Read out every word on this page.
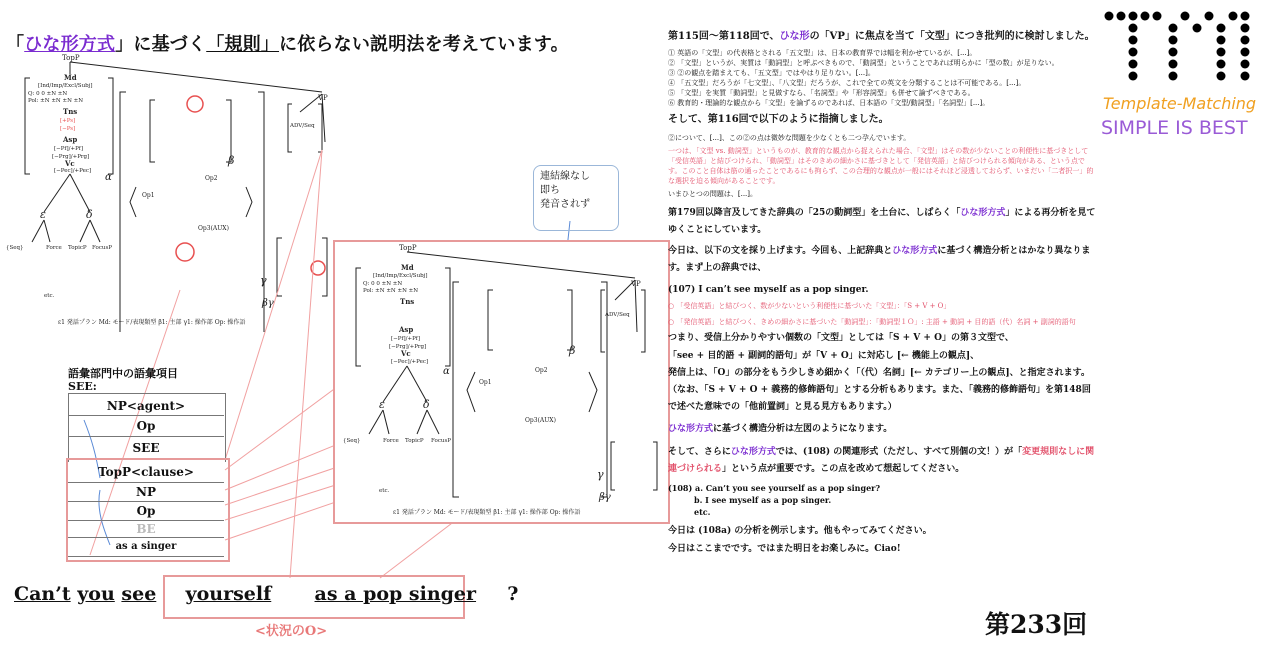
「ひな形方式」に基づく「規則」に依らない説明法を考えています。
TopP
Md
[Ind/Imp/Excl/Subj]
Q: 0 0 ±N ±N
Pol: ±N ±N ±N ±N
Tns
[+Ps]
[−Ps]
Asp
[−Pf]/+Pf]
[−Prg]/+Prg]
Vc
[−Pec]/+Pec]
α
ε	δ
β
γ
βγ
Op1
Op2
Op3(AUX)
{Seq}	Force TopicP FocusP
VP
ADV/Seq
etc.
ε1 発話プラン Md: モード/表現類型 β1: 主部 γ1: 操作部 Op: 操作語
語彙部門中の語彙項目
SEE:
NP<agent>
Op
SEE
TopP<clause>
NP
Op
BE
as a singer
Can’t you see yourself as a pop singer ?
<状況のO>
TopP
Md
[Ind/Imp/Excl/Subj]
Q: 0 0 ±N ±N
Pol: ±N ±N ±N ±N
Tns
Asp
[−Pf]/+Pf]
[−Prg]/+Prg]
Vc
[−Pec]/+Pec]
α
ε	δ
β
γ
βγ
Op1
Op2
Op3(AUX)
{Seq}	Force TopicP FocusP
VP
ADV/Seq
etc.
ε1 発話プラン Md: モード/表現類型 β1: 主部 γ1: 操作部 Op: 操作語
連結線なし
即ち
発音されず
第115回〜第118回で、ひな形の「VP」に焦点を当て「文型」につき批判的に検討しました。
① 英語の「文型」の代表格とされる「五文型」は、日本の教育界では幅を利かせているが、[...]。
② 「文型」というが、実質は「動詞型」と呼ぶべきもので、「動詞型」ということであれば明らかに「型の数」が足りない。
③ ②の観点を踏まえても、「五文型」ではやはり足りない。[...]。
④ 「五文型」だろうが「七文型」、「八文型」だろうが、これで全ての英文を分類することは不可能である。[...]。
⑤ 「文型」を実質「動詞型」と見做すなら、「名詞型」や「形容詞型」も併せて論ずべきである。
⑥ 教育的・理論的な観点から「文型」を論ずるのであれば、日本語の「文型/動詞型」「名詞型」[...]。
そして、第116回で以下のように指摘しました。
②について、[...]、この②の点は微妙な問題を少なくとも二つ孕んでいます。
一つは、「文型 vs. 動詞型」というものが、教育的な観点から捉えられた場合、「文型」はその数が少ないことの利便性に基づきとして「受信英語」と結びつけられ、「動詞型」はそのきめの細かさに基づきとして「発信英語」と結びつけられる傾向がある、という点です。このこと自体は筋の通ったことであるにも拘らず、この合理的な観点が一般にはそれほど浸透しておらず、いまだい「二者択一」的な選択を迫る傾向があることです。
いまひとつの問題は、[...]。
第179回以降言及してきた辞典の「25の動詞型」を土台に、しばらく「ひな形方式」による再分析を見てゆくことにしています。
今日は、以下の文を採り上げます。今回も、上記辞典とひな形方式に基づく構造分析とはかなり異なります。まず上の辞典では、
(107) I can’t see myself as a pop singer.
○ 「受信英語」と結びつく、数が少ないという利便性に基づいた「文型」：「S + V + O」
○ 「発信英語」と結びつく、きめの細かさに基づいた「動詞型」：「動詞型１Ｏ」: 主語 + 動詞 + 目的語（代）名詞 + 副詞的語句
つまり、受信上分かりやすい個数の「文型」としては「S + V + O」の第３文型で、
「see + 目的語 + 副詞的語句」が「V + O」に対応し [← 機能上の観点]、
発信上は、「O」の部分をもう少しきめ細かく「（代）名詞」[← カテゴリー上の観点]、と指定されます。（なお、「S + V + O + 義務的修飾語句」とする分析もあります。また、「義務的修飾語句」を第148回で述べた意味での「他前置詞」と見る見方もあります。）
ひな形方式に基づく構造分析は左図のようになります。
そして、さらにひな形方式では、(108) の関連形式（ただし、すべて別個の文！）が「変更規則なしに関連づけられる」という点が重要です。この点を改めて想起してください。
(108) a. Can’t you see yourself as a pop singer?
b. I see myself as a pop singer.
etc.
今日は (108a) の分析を例示します。他もやってみてください。
今日はここまでです。ではまた明日をお楽しみに。Ciao!
Template-Matching
SIMPLE IS BEST
第233回
